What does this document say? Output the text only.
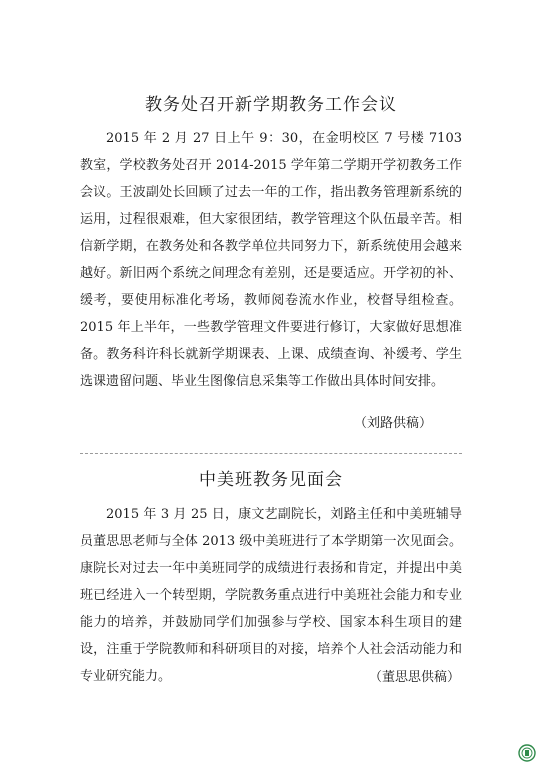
教务处召开新学期教务工作会议

2015 年 2 月 27 日上午 9：30，在金明校区 7 号楼 7103 教室，学校教务处召开 2014-2015 学年第二学期开学初教务工作会议。王波副处长回顾了过去一年的工作，指出教务管理新系统的运用，过程很艰难，但大家很团结，教学管理这个队伍最辛苦。相信新学期，在教务处和各教学单位共同努力下，新系统使用会越来越好。新旧两个系统之间理念有差别，还是要适应。开学初的补、缓考，要使用标准化考场，教师阅卷流水作业，校督导组检查。2015 年上半年，一些教学管理文件要进行修订，大家做好思想准备。教务科许科长就新学期课表、上课、成绩查询、补缓考、学生选课遗留问题、毕业生图像信息采集等工作做出具体时间安排。

（刘路供稿）
中美班教务见面会

2015 年 3 月 25 日，康文艺副院长，刘路主任和中美班辅导员董思思老师与全体 2013 级中美班进行了本学期第一次见面会。康院长对过去一年中美班同学的成绩进行表扬和肯定，并提出中美班已经进入一个转型期，学院教务重点进行中美班社会能力和专业能力的培养，并鼓励同学们加强参与学校、国家本科生项目的建设，注重于学院教师和科研项目的对接，培养个人社会活动能力和专业研究能力。	（董思思供稿）
